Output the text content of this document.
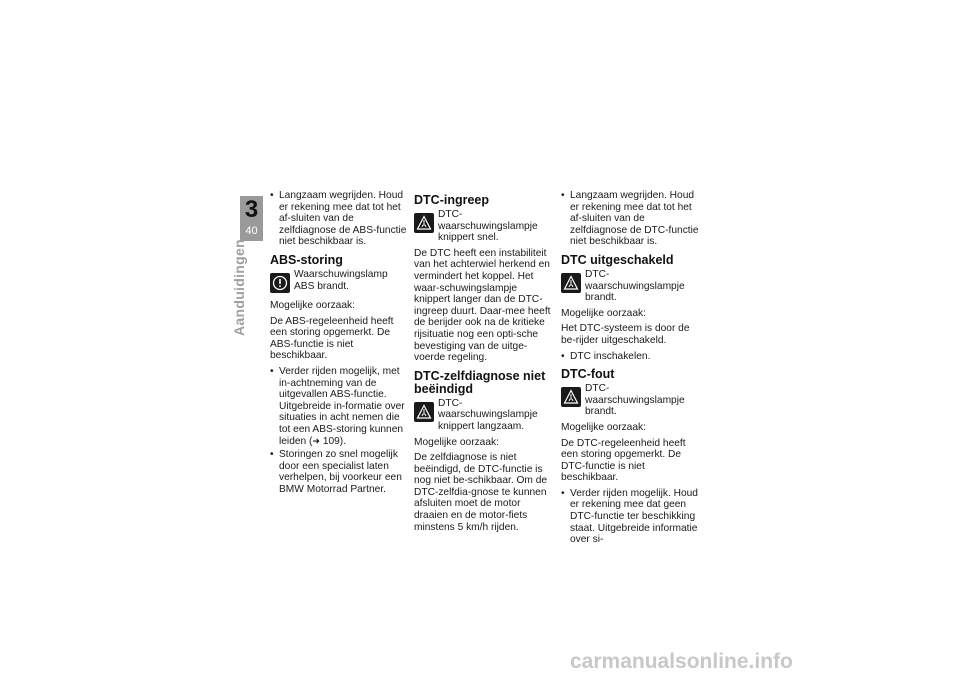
3
40
Aanduidingen
• Langzaam wegrijden. Houd er rekening mee dat tot het af-sluiten van de zelfdiagnose de ABS-functie niet beschikbaar is.
ABS-storing
Waarschuwingslamp ABS brandt.

Mogelijke oorzaak:

De ABS-regeleenheid heeft een storing opgemerkt. De ABS-functie is niet beschikbaar.

• Verder rijden mogelijk, met in-achtneming van de uitgevallen ABS-functie. Uitgebreide in-formatie over situaties in acht nemen die tot een ABS-storing kunnen leiden (➜ 109).
• Storingen zo snel mogelijk door een specialist laten verhelpen, bij voorkeur een BMW Motorrad Partner.
DTC-ingreep
DTC-waarschuwingslampje knippert snel.

De DTC heeft een instabiliteit van het achterwiel herkend en vermindert het koppel. Het waar-schuwingslampje knippert langer dan de DTC-ingreep duurt. Daar-mee heeft de berijder ook na de kritieke rijsituatie nog een opti-sche bevestiging van de uitge-voerde regeling.

DTC-zelfdiagnose niet beëindigd
DTC-waarschuwingslampje knippert langzaam.

Mogelijke oorzaak:

De zelfdiagnose is niet beëindigd, de DTC-functie is nog niet be-schikbaar. Om de DTC-zelfdia-gnose te kunnen afsluiten moet de motor draaien en de motor-fiets minstens 5 km/h rijden.

• Langzaam wegrijden. Houd er rekening mee dat tot het af-sluiten van de zelfdiagnose de DTC-functie niet beschikbaar is.
DTC uitgeschakeld
DTC-waarschuwingslampje brandt.

Mogelijke oorzaak:

Het DTC-systeem is door de be-rijder uitgeschakeld.

• DTC inschakelen.
DTC-fout
DTC-waarschuwingslampje brandt.

Mogelijke oorzaak:

De DTC-regeleenheid heeft een storing opgemerkt. De DTC-functie is niet beschikbaar.

• Verder rijden mogelijk. Houd er rekening mee dat geen DTC-functie ter beschikking staat. Uitgebreide informatie over si-
carmanualsonline.info
